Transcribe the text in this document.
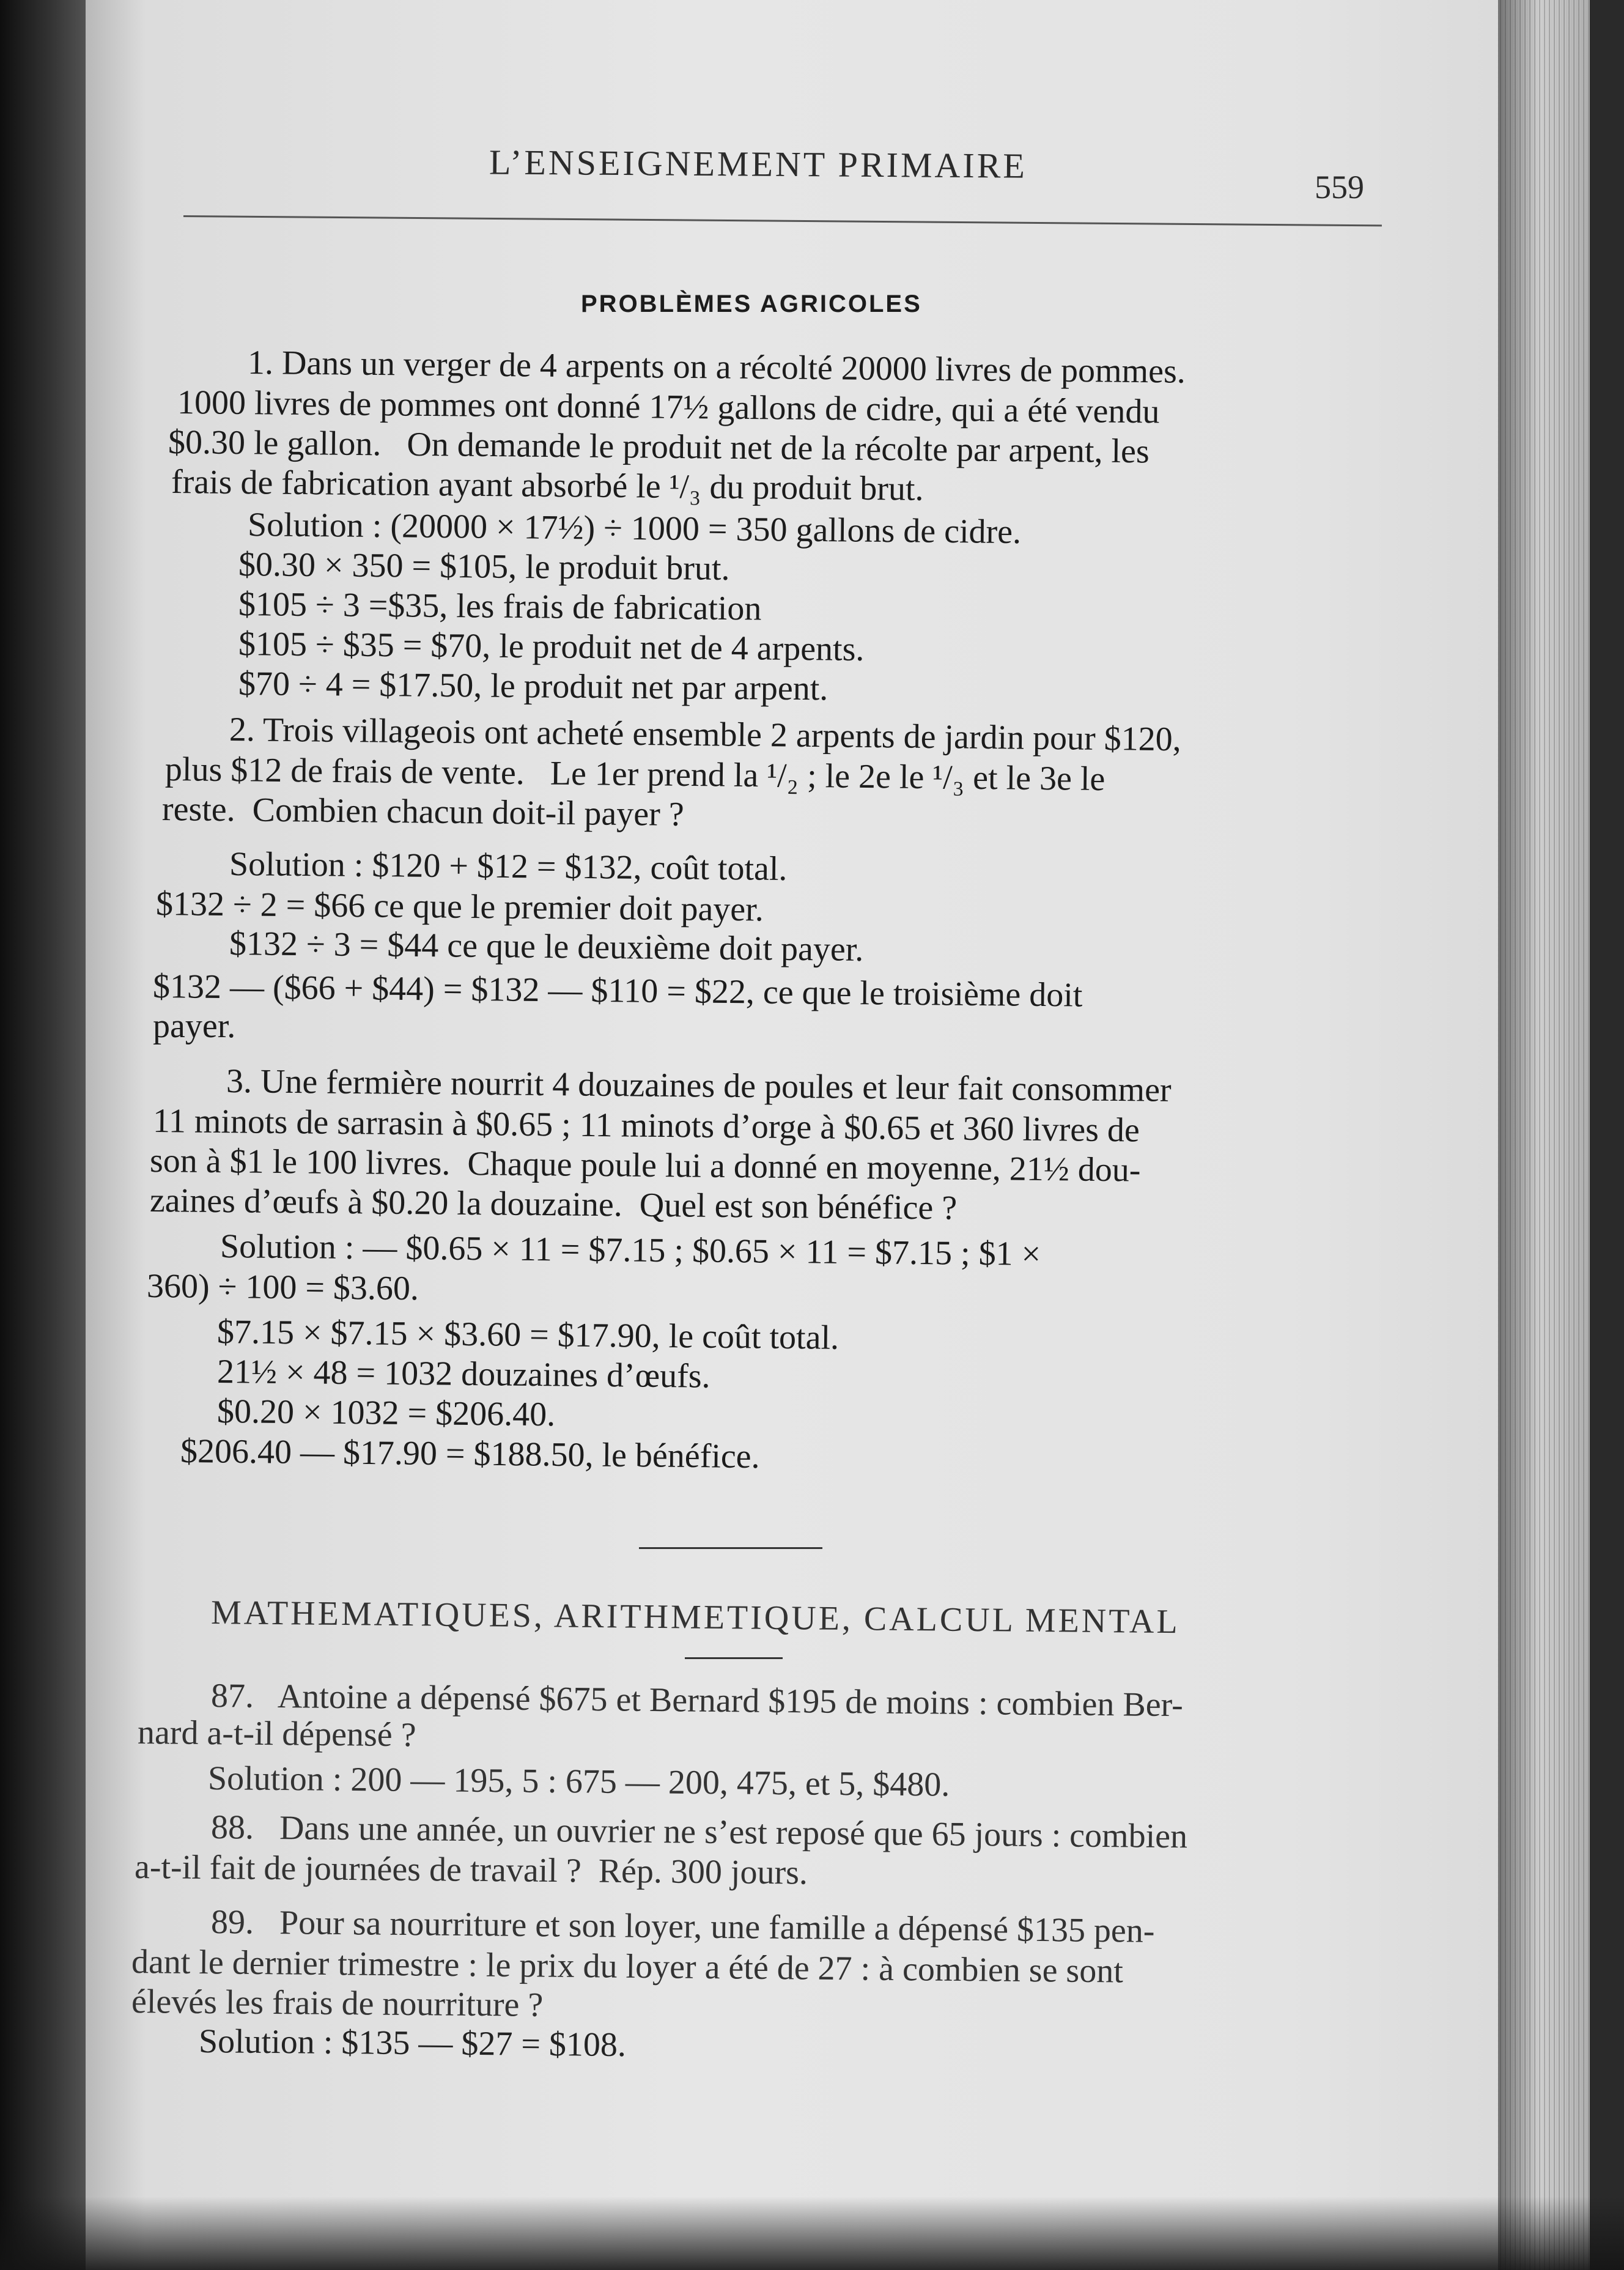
L’ENSEIGNEMENT PRIMAIRE
559
PROBLÈMES AGRICOLES
1. Dans un verger de 4 arpents on a récolté 20000 livres de pommes.
1000 livres de pommes ont donné 17½ gallons de cidre, qui a été vendu
$0.30 le gallon.   On demande le produit net de la récolte par arpent, les
frais de fabrication ayant absorbé le ¹/₃ du produit brut.
Solution : (20000 × 17½) ÷ 1000 = 350 gallons de cidre.
$0.30 × 350 = $105, le produit brut.
$105 ÷ 3 =$35, les frais de fabrication
$105 ÷ $35 = $70, le produit net de 4 arpents.
$70 ÷ 4 = $17.50, le produit net par arpent.
2. Trois villageois ont acheté ensemble 2 arpents de jardin pour $120,
plus $12 de frais de vente.   Le 1er prend la ¹/₂ ; le 2e le ¹/₃ et le 3e le
reste.  Combien chacun doit-il payer ?
Solution : $120 + $12 = $132, coût total.
$132 ÷ 2 = $66 ce que le premier doit payer.
$132 ÷ 3 = $44 ce que le deuxième doit payer.
$132 — ($66 + $44) = $132 — $110 = $22, ce que le troisième doit
payer.
3. Une fermière nourrit 4 douzaines de poules et leur fait consommer
11 minots de sarrasin à $0.65 ; 11 minots d’orge à $0.65 et 360 livres de
son à $1 le 100 livres.  Chaque poule lui a donné en moyenne, 21½ dou-
zaines d’œufs à $0.20 la douzaine.  Quel est son bénéfice ?
Solution : — $0.65 × 11 = $7.15 ; $0.65 × 11 = $7.15 ; $1 ×
360) ÷ 100 = $3.60.
$7.15 × $7.15 × $3.60 = $17.90, le coût total.
21½ × 48 = 1032 douzaines d’œufs.
$0.20 × 1032 = $206.40.
$206.40 — $17.90 = $188.50, le bénéfice.
MATHEMATIQUES, ARITHMETIQUE, CALCUL MENTAL
87.   Antoine a dépensé $675 et Bernard $195 de moins : combien Ber-
nard a-t-il dépensé ?
Solution : 200 — 195, 5 : 675 — 200, 475, et 5, $480.
88.   Dans une année, un ouvrier ne s’est reposé que 65 jours : combien
a-t-il fait de journées de travail ?  Rép. 300 jours.
89.   Pour sa nourriture et son loyer, une famille a dépensé $135 pen-
dant le dernier trimestre : le prix du loyer a été de 27 : à combien se sont
élevés les frais de nourriture ?
Solution : $135 — $27 = $108.
